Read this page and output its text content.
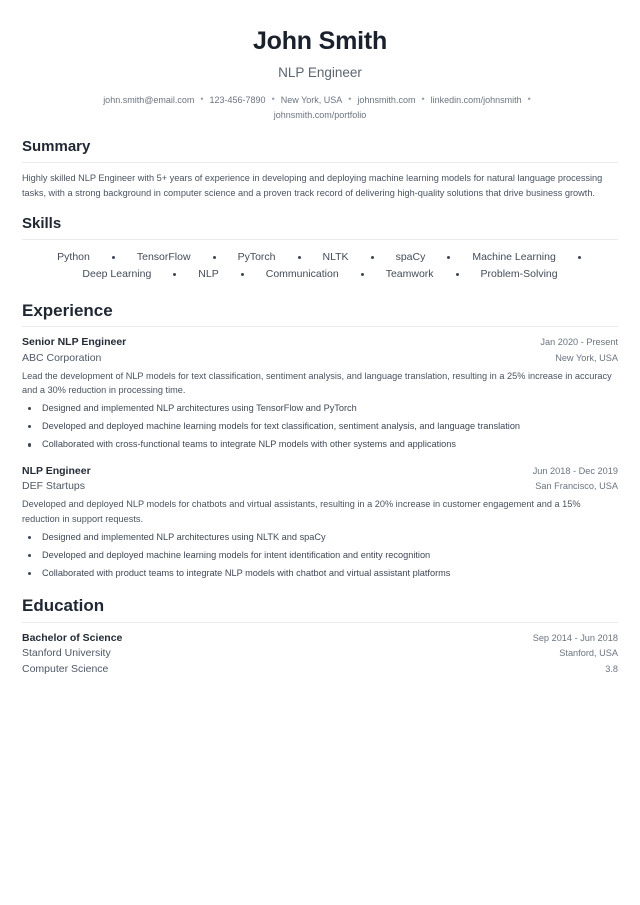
John Smith
NLP Engineer
john.smith@email.com • 123-456-7890 • New York, USA • johnsmith.com • linkedin.com/johnsmith •johnsmith.com/portfolio
Summary

Highly skilled NLP Engineer with 5+ years of experience in developing and deploying machine learning models for natural language processing tasks, with a strong background in computer science and a proven track record of delivering high-quality solutions that drive business growth.

Skills
Python	TensorFlow	PyTorch	NLTK	spaCy	Machine LearningDeep Learning	NLP	Communication	Teamwork	Problem-Solving
Experience
Senior NLP Engineer	Jan 2020 - Present
ABC Corporation	New York, USA

Lead the development of NLP models for text classification, sentiment analysis, and language translation, resulting in a 25% increase in accuracy and a 30% reduction in processing time.

Designed and implemented NLP architectures using TensorFlow and PyTorch
Developed and deployed machine learning models for text classification, sentiment analysis, and language translation
Collaborated with cross-functional teams to integrate NLP models with other systems and applications
NLP Engineer	Jun 2018 - Dec 2019
DEF Startups	San Francisco, USA

Developed and deployed NLP models for chatbots and virtual assistants, resulting in a 20% increase in customer engagement and a 15% reduction in support requests.

Designed and implemented NLP architectures using NLTK and spaCy
Developed and deployed machine learning models for intent identification and entity recognition
Collaborated with product teams to integrate NLP models with chatbot and virtual assistant platforms
Education
Bachelor of Science	Sep 2014 - Jun 2018
Stanford University	Stanford, USA
Computer Science	3.8
